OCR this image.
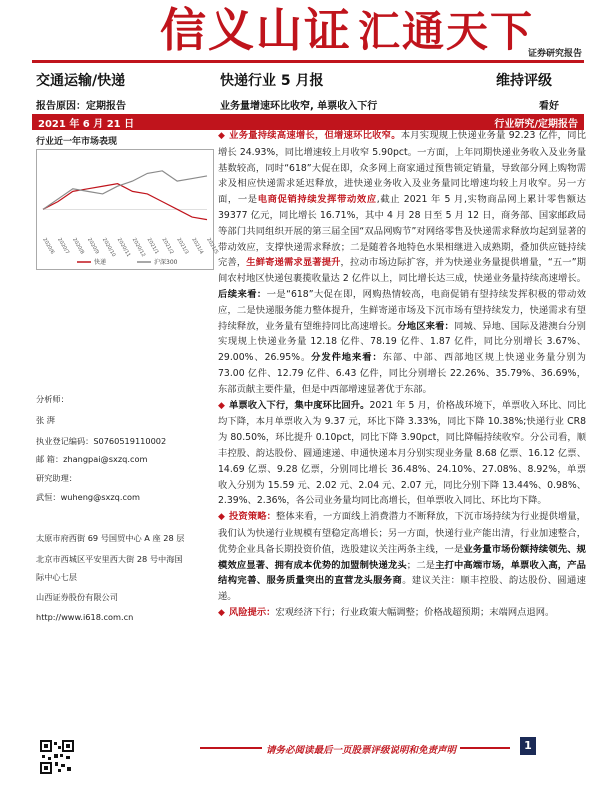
信义山证 汇通天下
证券研究报告
交通运输/快递	快递行业 5 月报	维持评级
报告原因：定期报告	业务量增速环比收窄, 单票收入下行	看好
2021 年 6 月 21 日	行业研究/定期报告
行业近一年市场表现
2020/6 2020/7 2020/8 2020/9 2020/10 2020/11 2020/12 2021/1 2021/2 2021/3 2021/4 2021/5
快递	沪深300
分析师：
张 湃
执业登记编码：S0760519110002
邮 箱：zhangpai@sxzq.com
研究助理：
武恒：wuheng@sxzq.com
太原市府西街 69 号国贸中心 A 座 28 层
北京市西城区平安里西大街 28 号中海国
际中心七层
山西证券股份有限公司
http://www.i618.com.cn

◆ 业务量持续高速增长，但增速环比收窄。本月实现规上快递业务量 92.23 亿件，同比增长 24.93%，同比增速较上月收窄 5.90pct。一方面，上年同期快递业务收入及业务量基数较高，同时“618”大促在即，众多网上商家通过预售锁定销量，导致部分网上购物需求及相应快递需求延迟释放，进快递业务收入及业务量同比增速均较上月收窄。另一方面，一是电商促销持续发挥带动效应,截止 2021 年 5 月,实物商品网上累计零售额达 39377 亿元，同比增长 16.71%，其中 4 月 28 日至 5 月 12 日，商务部、国家邮政局等部门共同组织开展的第三届全国“双品网购节”对网络零售及快递需求释放均起到显著的带动效应，支撑快递需求释放；二是随着各地特色水果相继进入成熟期，叠加供应链持续完善，生鲜寄递需求显著提升，拉动市场边际扩容，并为快递业务量提供增量，“五一”期间农村地区快递包裹揽收量达 2 亿件以上，同比增长达三成，快递业务量持续高速增长。后续来看：一是“618”大促在即，网购热情较高，电商促销有望持续发挥积极的带动效应，二是快递服务能力整体提升，生鲜寄递市场及下沉市场有望持续发力，快递需求有望持续释放，业务量有望维持同比高速增长。分地区来看：同城、异地、国际及港澳台分别实现规上快递业务量 12.18 亿件、78.19 亿件、1.87 亿件，同比分别增长 3.67%、29.00%、26.95%。分发件地来看：东部、中部、西部地区规上快递业务量分别为 73.00 亿件、12.79 亿件、6.43 亿件，同比分别增长 22.26%、35.79%、36.69%，东部贡献主要件量，但是中西部增速显著优于东部。

◆ 单票收入下行，集中度环比回升。2021 年 5 月，价格战环境下，单票收入环比、同比均下降，本月单票收入为 9.37 元，环比下降 3.33%，同比下降 10.38%;快递行业 CR8 为 80.50%，环比提升 0.10pct，同比下降 3.90pct，同比降幅持续收窄。分公司看，顺丰控股、韵达股份、圆通速递、申通快递本月分别实现业务量 8.68 亿票、16.12 亿票、14.69 亿票、9.28 亿票，分别同比增长 36.48%、24.10%、27.08%、8.92%，单票收入分别为 15.59 元、2.02 元、2.04 元、2.07 元，同比分别下降 13.44%、0.98%、2.39%、2.36%，各公司业务量均同比高增长，但单票收入同比、环比均下降。

◆ 投资策略：整体来看，一方面线上消费潜力不断释放，下沉市场持续为行业提供增量，我们认为快递行业规模有望稳定高增长；另一方面，快递行业产能出清，行业加速整合，优势企业具备长期投资价值，选股建议关注两条主线，一是业务量市场份额持续领先、规模效应显著、拥有成本优势的加盟制快递龙头；二是主打中高端市场，单票收入高，产品结构完善、服务质量突出的直营龙头服务商。建议关注：顺丰控股、韵达股份、圆通速递。

◆ 风险提示：宏观经济下行；行业政策大幅调整；价格战超预期；末端网点退网。

请务必阅读最后一页股票评级说明和免责声明	1
